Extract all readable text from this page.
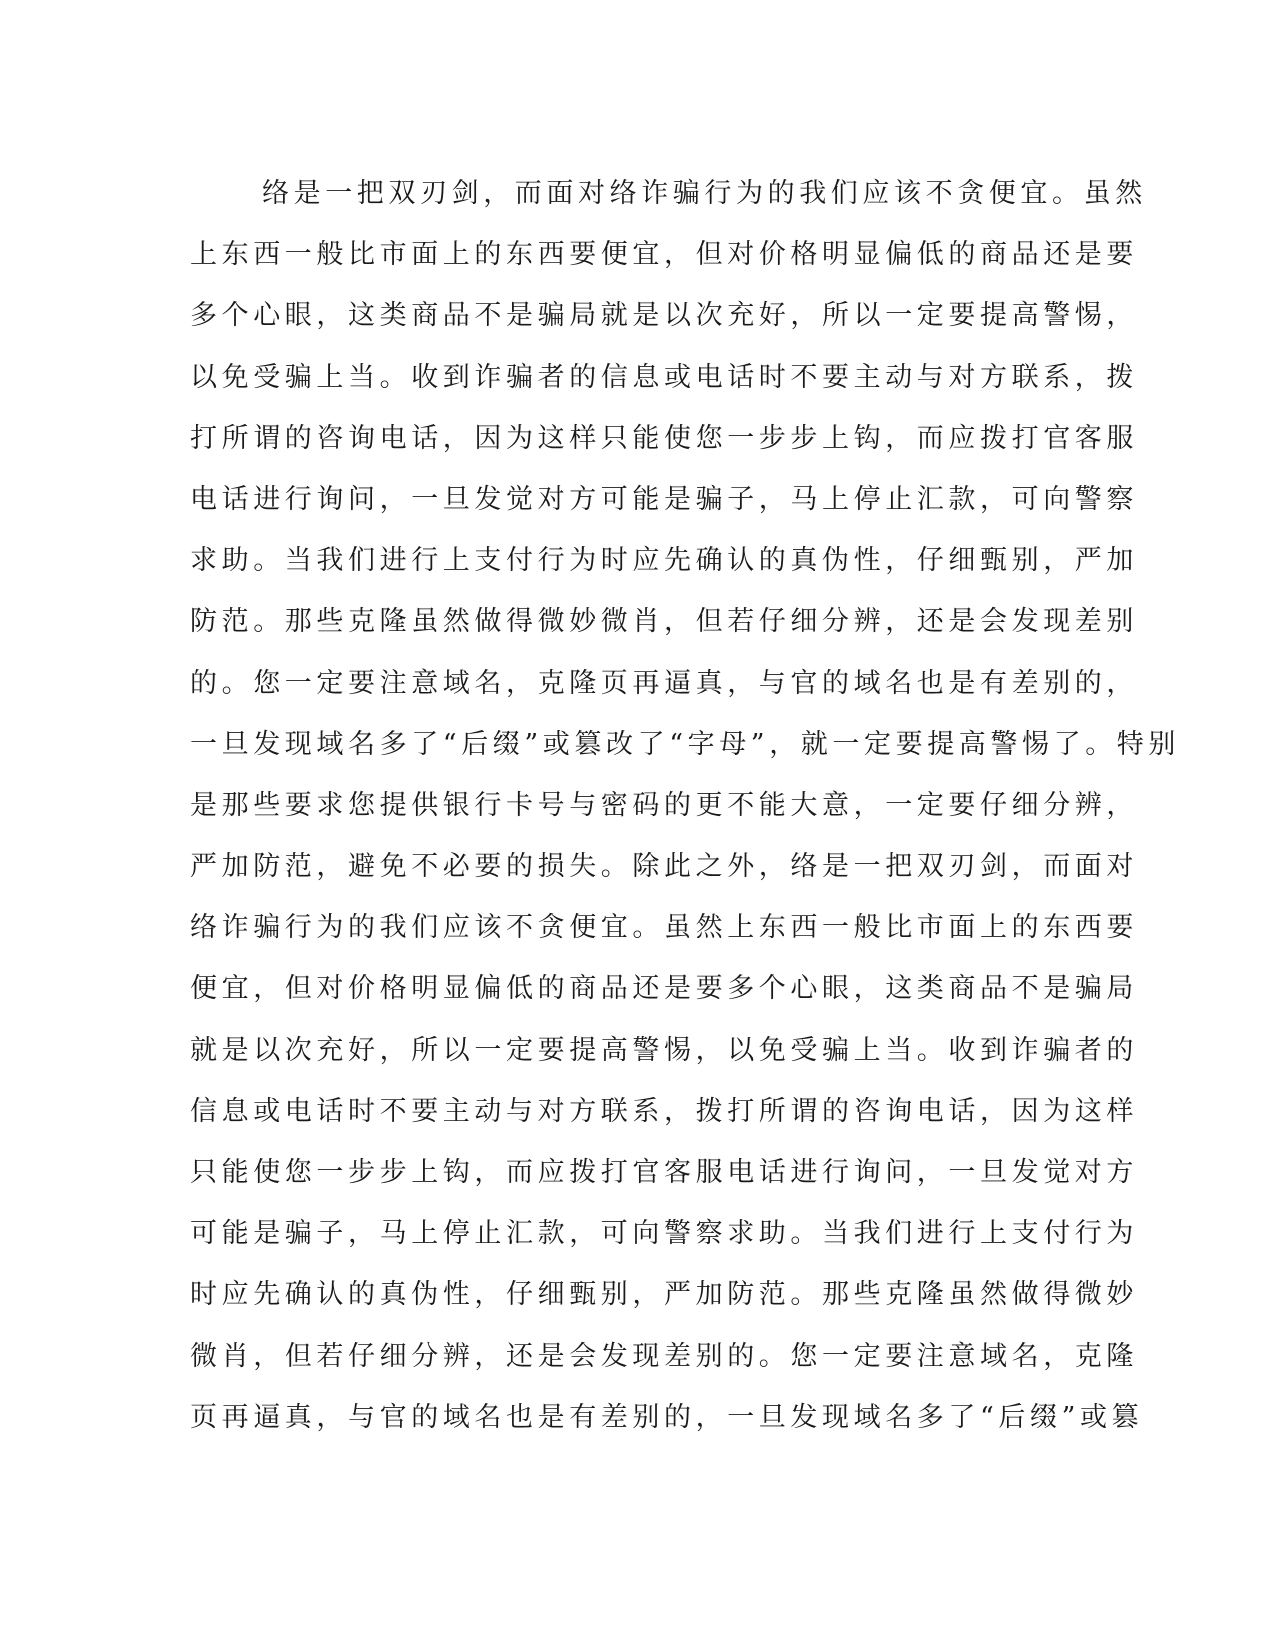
络是一把双刃剑，而面对络诈骗行为的我们应该不贪便宜。虽然
上东西一般比市面上的东西要便宜，但对价格明显偏低的商品还是要
多个心眼，这类商品不是骗局就是以次充好，所以一定要提高警惕，
以免受骗上当。收到诈骗者的信息或电话时不要主动与对方联系，拨
打所谓的咨询电话，因为这样只能使您一步步上钩，而应拨打官客服
电话进行询问，一旦发觉对方可能是骗子，马上停止汇款，可向警察
求助。当我们进行上支付行为时应先确认的真伪性，仔细甄别，严加
防范。那些克隆虽然做得微妙微肖，但若仔细分辨，还是会发现差别
的。您一定要注意域名，克隆页再逼真，与官的域名也是有差别的，
一旦发现域名多了“后缀”或篡改了“字母”，就一定要提高警惕了。特别
是那些要求您提供银行卡号与密码的更不能大意，一定要仔细分辨，
严加防范，避免不必要的损失。除此之外，络是一把双刃剑，而面对
络诈骗行为的我们应该不贪便宜。虽然上东西一般比市面上的东西要
便宜，但对价格明显偏低的商品还是要多个心眼，这类商品不是骗局
就是以次充好，所以一定要提高警惕，以免受骗上当。收到诈骗者的
信息或电话时不要主动与对方联系，拨打所谓的咨询电话，因为这样
只能使您一步步上钩，而应拨打官客服电话进行询问，一旦发觉对方
可能是骗子，马上停止汇款，可向警察求助。当我们进行上支付行为
时应先确认的真伪性，仔细甄别，严加防范。那些克隆虽然做得微妙
微肖，但若仔细分辨，还是会发现差别的。您一定要注意域名，克隆
页再逼真，与官的域名也是有差别的，一旦发现域名多了“后缀”或篡
